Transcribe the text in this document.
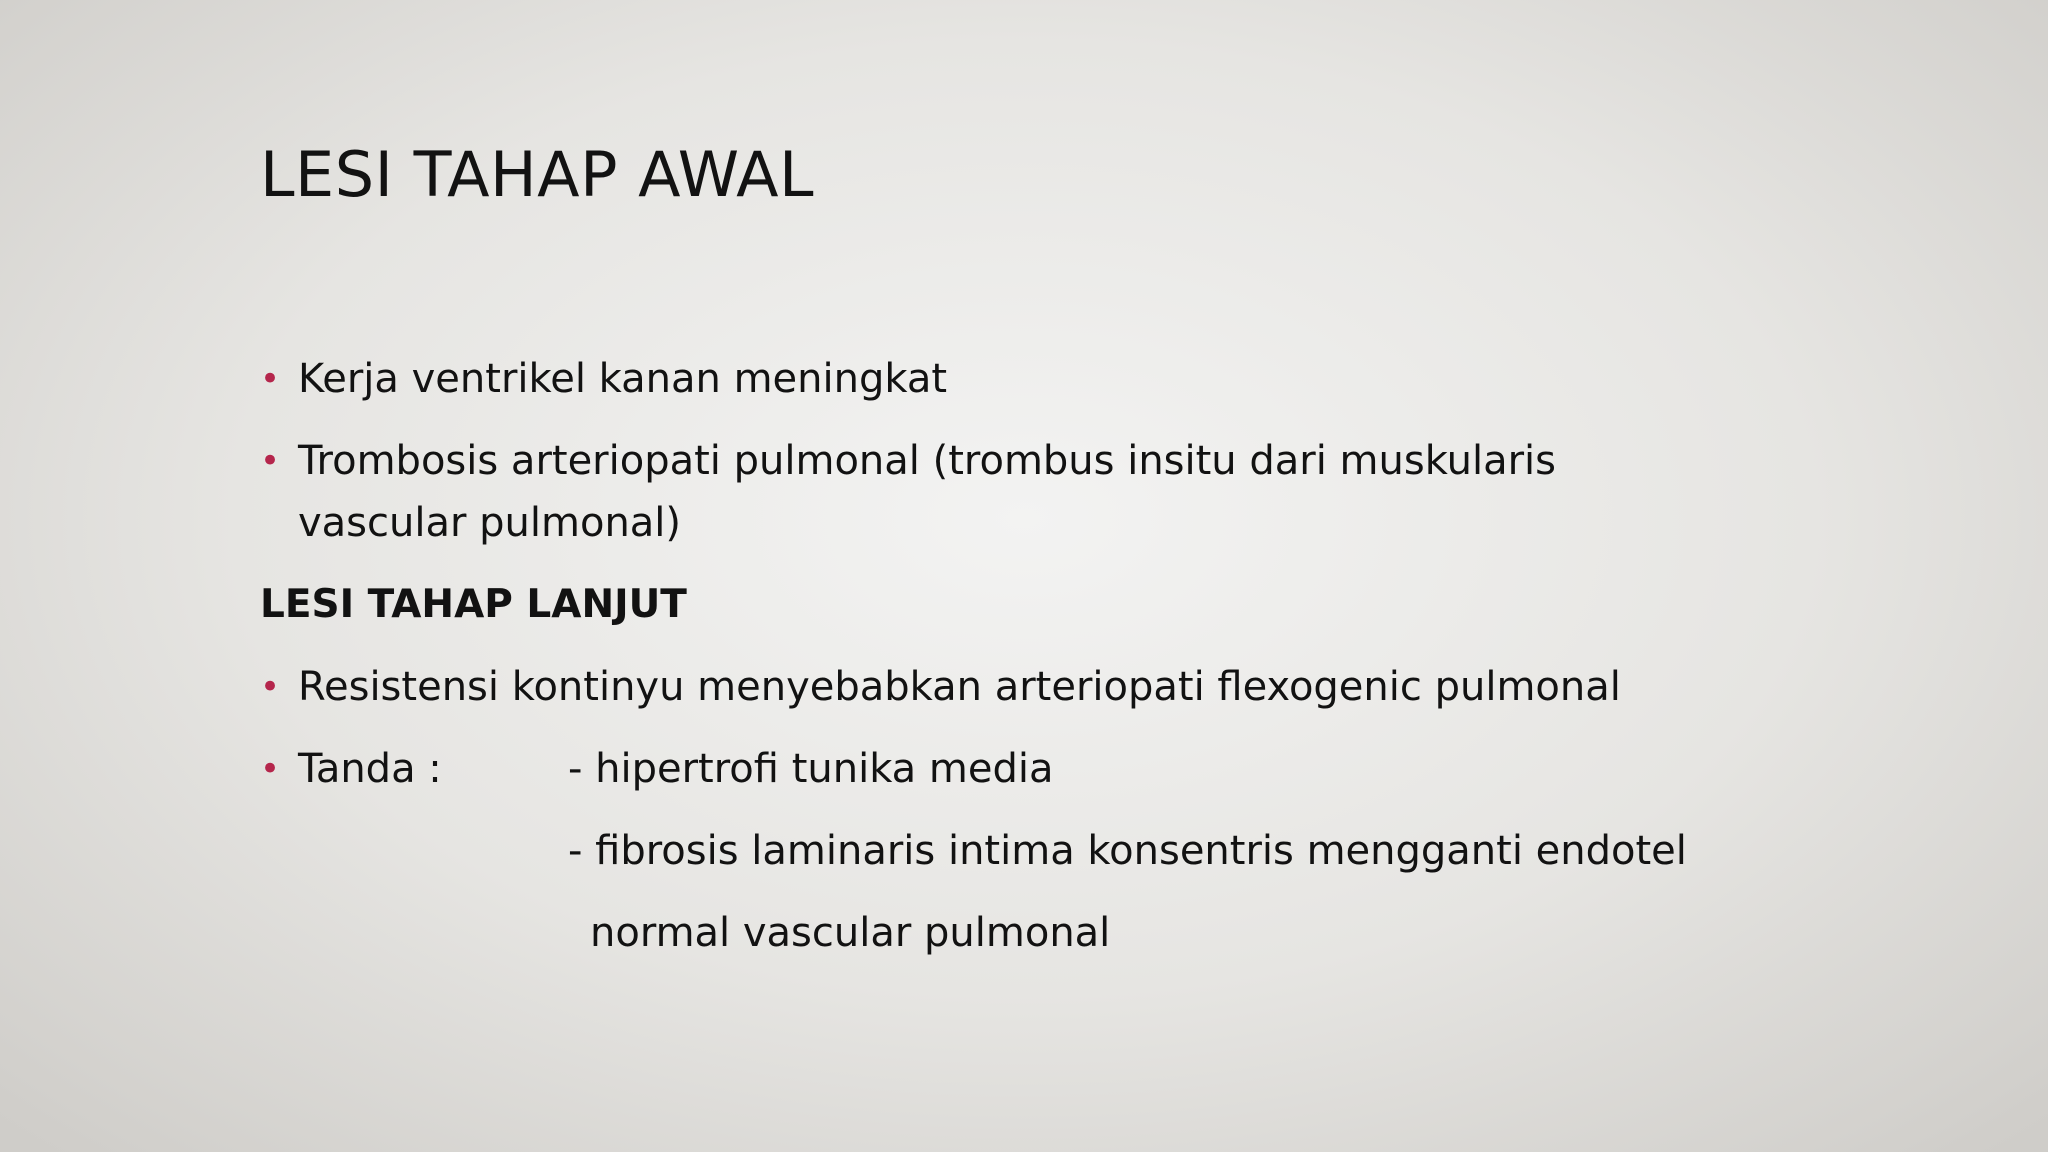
LESI TAHAP AWAL
• Kerja ventrikel kanan meningkat
• Trombosis arteriopati pulmonal (trombus insitu dari muskularis vascular pulmonal)
LESI TAHAP LANJUT
• Resistensi kontinyu menyebabkan arteriopati flexogenic pulmonal
• Tanda :	- hipertrofi tunika media
- fibrosis laminaris intima konsentris mengganti endotel
normal vascular pulmonal
